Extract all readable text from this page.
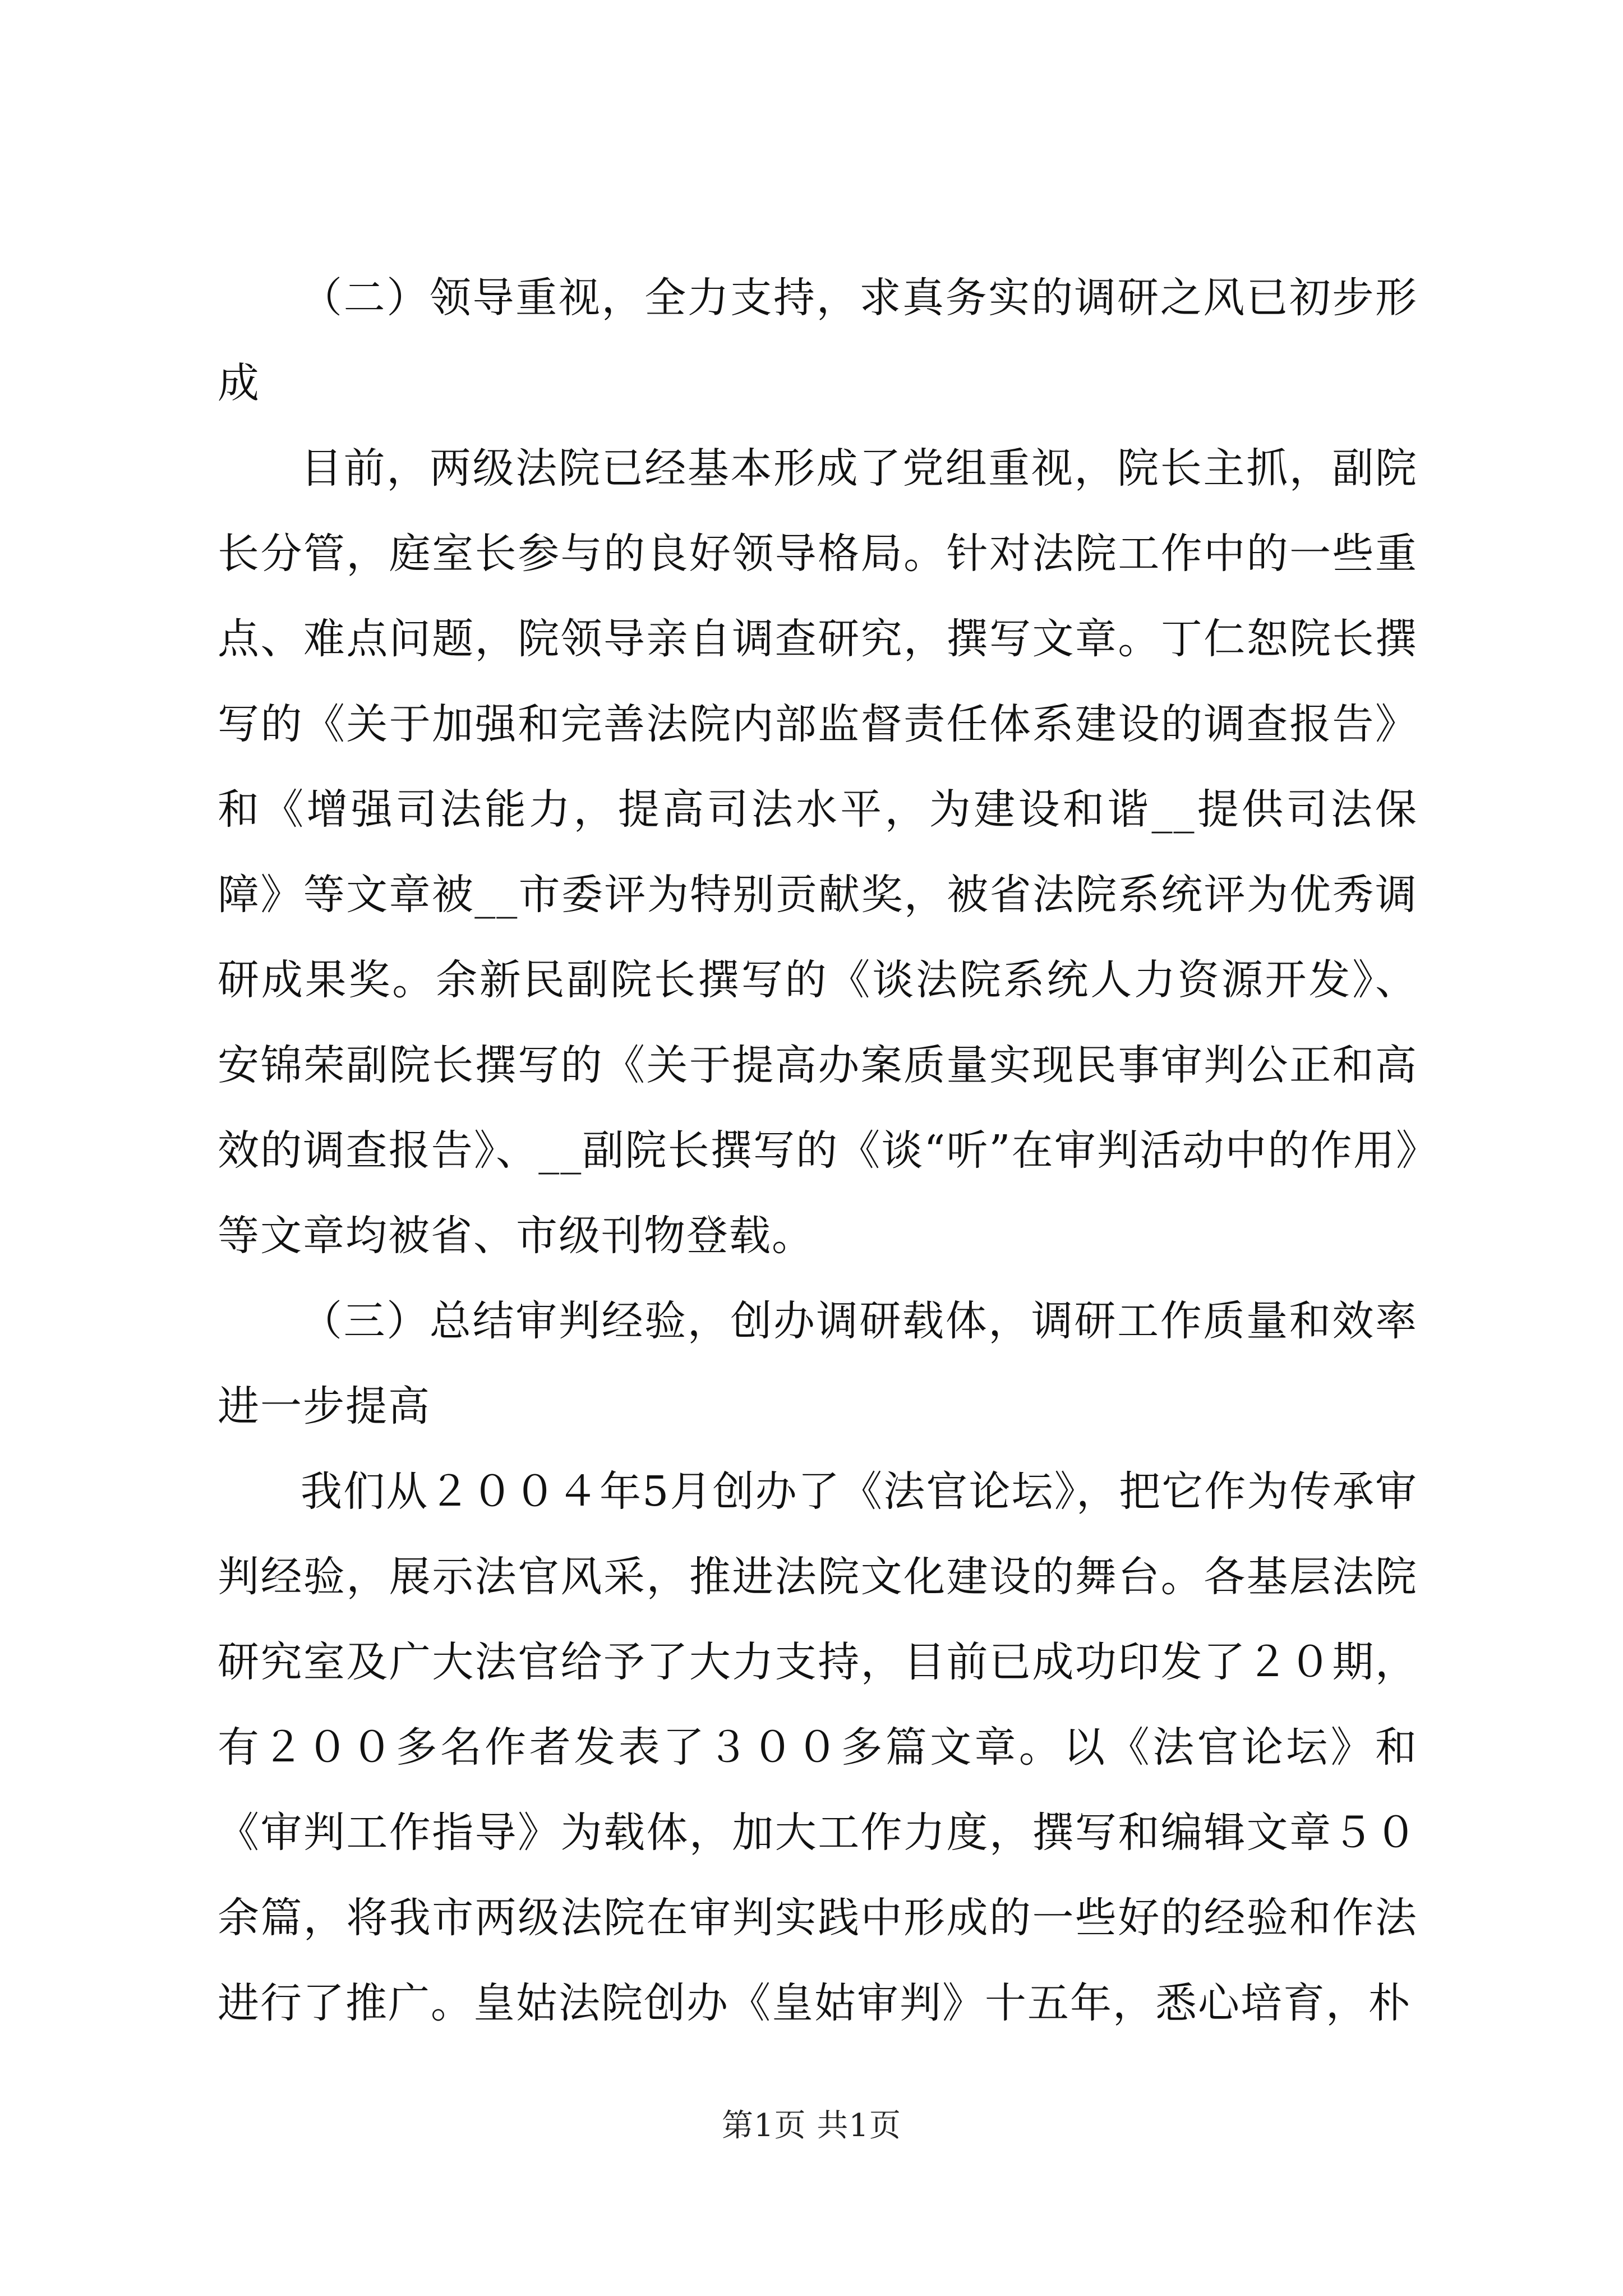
（二）领导重视，全力支持，求真务实的调研之风已初步形成

目前，两级法院已经基本形成了党组重视，院长主抓，副院长分管，庭室长参与的良好领导格局。针对法院工作中的一些重点、难点问题，院领导亲自调查研究，撰写文章。丁仁恕院长撰写的《关于加强和完善法院内部监督责任体系建设的调查报告》和《增强司法能力，提高司法水平，为建设和谐__提供司法保障》等文章被__市委评为特别贡献奖，被省法院系统评为优秀调研成果奖。余新民副院长撰写的《谈法院系统人力资源开发》、安锦荣副院长撰写的《关于提高办案质量实现民事审判公正和高效的调查报告》、__副院长撰写的《谈“听”在审判活动中的作用》等文章均被省、市级刊物登载。

（三）总结审判经验，创办调研载体，调研工作质量和效率进一步提高

我们从２００４年5月创办了《法官论坛》，把它作为传承审判经验，展示法官风采，推进法院文化建设的舞台。各基层法院研究室及广大法官给予了大力支持，目前已成功印发了２０期，有２００多名作者发表了３００多篇文章。以《法官论坛》和《审判工作指导》为载体，加大工作力度，撰写和编辑文章５０余篇，将我市两级法院在审判实践中形成的一些好的经验和作法进行了推广。皇姑法院创办《皇姑审判》十五年，悉心培育，朴

第1页 共1页
